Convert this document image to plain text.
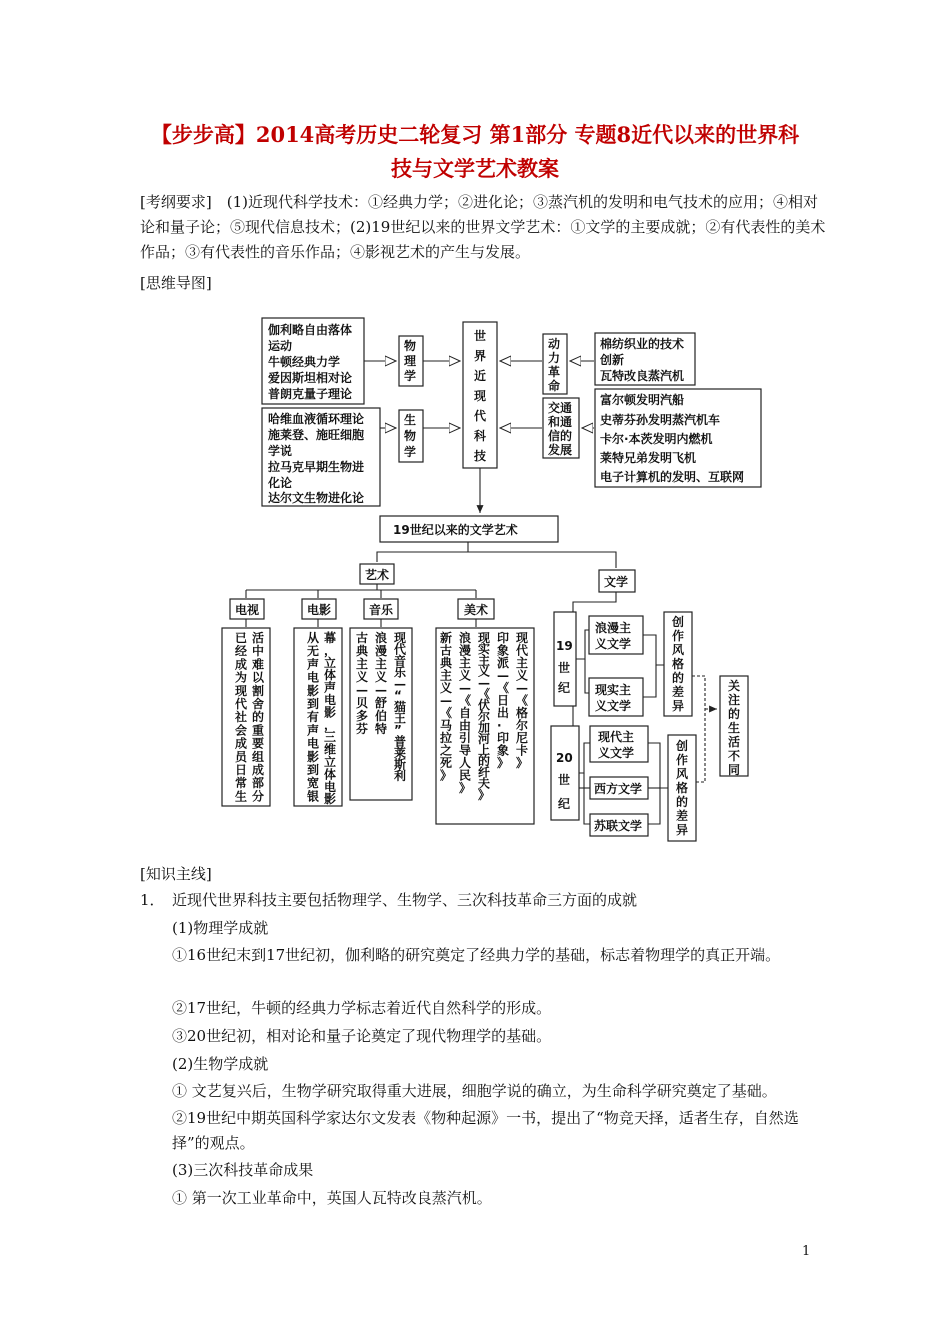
【步步高】2014高考历史二轮复习 第1部分 专题8近代以来的世界科
技与文学艺术教案
[考纲要求]　 (1)近现代科学技术：①经典力学；②进化论；③蒸汽机的发明和电气技术的应用；④相对论和量子论；⑤现代信息技术；(2)19世纪以来的世界文学艺术：①文学的主要成就；②有代表性的美术作品；③有代表性的音乐作品；④影视艺术的产生与发展。
[思维导图]
伽利略自由落体
运动
牛顿经典力学
爱因斯坦相对论
普朗克量子理论
物
理
学
哈维血液循环理论
施莱登、施旺细胞
学说
拉马克早期生物进
化论
达尔文生物进化论
生
物
学
世
界
近
现
代
科
技
动
力
革
命
棉纺织业的技术
创新
瓦特改良蒸汽机
交通
和通
信的
发展
富尔顿发明汽船
史蒂芬孙发明蒸汽机车
卡尔·本茨发明内燃机
莱特兄弟发明飞机
电子计算机的发明、互联网
19世纪以来的文学艺术
艺术	文学
电视	电影	音乐	美术
已经成为现代社会成员日常生
活中难以割舍的重要组成部分
从无声电影到有声电影到宽银
幕，立体声电影，三维立体电影
古典主义—贝多芬
浪漫主义—舒伯特
现代音乐— “猫王”普莱斯利
新古典主义—《马拉之死》
浪漫主义—《自由引导人民》
现实主义—《伏尔加河上的纤夫》
印象派—《日出·印象》
现代主义—《格尔尼卡》
19
世
纪
浪漫主
义文学
现实主
义文学
创
作
风
格
的
差
异
20
世
纪
现代主
义文学
西方文学
苏联文学
创
作
风
格
的
差
异
关
注
的
生
活
不
同
[知识主线]
1．　近现代世界科技主要包括物理学、生物学、三次科技革命三方面的成就
(1)物理学成就
①16世纪末到17世纪初，伽利略的研究奠定了经典力学的基础，标志着物理学的真正开端。
②17世纪，牛顿的经典力学标志着近代自然科学的形成。
③20世纪初，相对论和量子论奠定了现代物理学的基础。
(2)生物学成就
① 文艺复兴后，生物学研究取得重大进展，细胞学说的确立，为生命科学研究奠定了基础。
②19世纪中期英国科学家达尔文发表《物种起源》一书，提出了“物竞天择，适者生存，自然选择”的观点。
(3)三次科技革命成果
① 第一次工业革命中，英国人瓦特改良蒸汽机。
1
